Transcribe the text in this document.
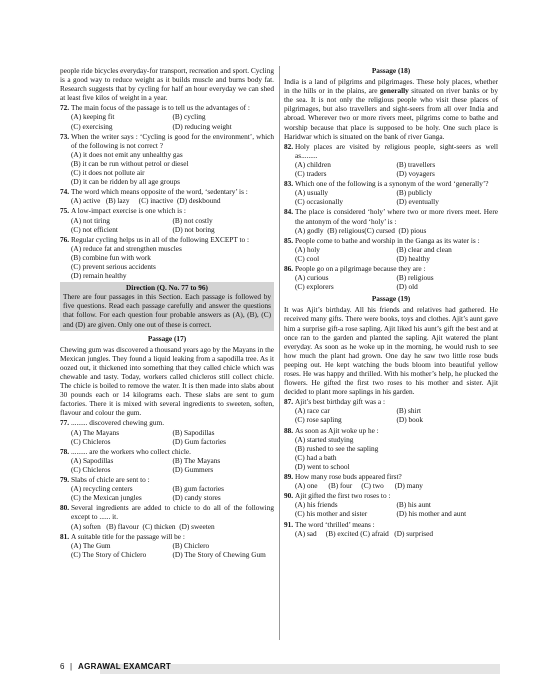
people ride bicycles everyday-for transport, recreation and sport. Cycling is a good way to reduce weight as it builds muscle and burns body fat. Research suggests that by cycling for half an hour everyday we can shed at least five kilos of weight in a year.

72. The main focus of the passage is to tell us the advantages of :
(A) keeping fit	(B) cycling
(C) exercising	(D) reducing weight
73. When the writer says : ‘Cycling is good for the environment’, which of the following is not correct ?
(A) it does not emit any unhealthy gas
(B) it can be run without petrol or diesel
(C) it does not pollute air
(D) it can be ridden by all age groups
74. The word which means opposite of the word, ‘sedentary’ is :
(A) active   (B) lazy     (C) inactive  (D) deskbound
75. A low-impact exercise is one which is :
(A) not tiring	(B) not costly
(C) not efficient	(D) not boring
76. Regular cycling helps us in all of the following EXCEPT to :
(A) reduce fat and strengthen muscles
(B) combine fun with work
(C) prevent serious accidents
(D) remain healthy
Direction (Q. No. 77 to 96)
There are four passages in this Section. Each passage is followed by five questions. Read each passage carefully and answer the questions that follow. For each question four probable answers as (A), (B), (C) and (D) are given. Only one out of these is correct.
Passage (17)

Chewing gum was discovered a thousand years ago by the Mayans in the Mexican jungles. They found a liquid leaking from a sapodilla tree. As it oozed out, it thickened into something that they called chicle which was chewable and tasty. Today, workers called chicleros still collect chicle. The chicle is boiled to remove the water. It is then made into slabs about 30 pounds each or 14 kilograms each. These slabs are sent to gum factories. There it is mixed with several ingredients to sweeten, soften, flavour and colour the gum.

77. ......... discovered chewing gum.
(A) The Mayans	(B) Sapodillas
(C) Chicleros	(D) Gum factories
78. ......... are the workers who collect chicle.
(A) Sapodillas	(B) The Mayans
(C) Chicleros	(D) Gummers
79. Slabs of chicle are sent to :
(A) recycling centers	(B) gum factories
(C) the Mexican jungles	(D) candy stores
80. Several ingredients are added to chicle to do all of the following except to ...... it.
(A) soften   (B) flavour  (C) thicken  (D) sweeten
81. A suitable title for the passage will be :
(A) The Gum	(B) Chiclero
(C) The Story of Chiclero	(D) The Story of Chewing Gum
Passage (18)

India is a land of pilgrims and pilgrimages. These holy places, whether in the hills or in the plains, are generally situated on river banks or by the sea. It is not only the religious people who visit these places of pilgrimages, but also travellers and sight-seers from all over India and abroad. Wherever two or more rivers meet, pilgrims come to bathe and worship because that place is supposed to be holy. One such place is Haridwar which is situated on the bank of river Ganga.

82. Holy places are visited by religious people, sight-seers as well as.........
(A) children	(B) travellers
(C) traders	(D) voyagers
83. Which one of the following is a synonym of the word ‘generally’?
(A) usually	(B) publicly
(C) occasionally	(D) eventually
84. The place is considered ‘holy’ where two or more rivers meet. Here the antonym of the word ‘holy’ is :
(A) godly  (B) religious(C) cursed  (D) pious
85. People come to bathe and worship in the Ganga as its water is :
(A) holy	(B) clear and clean
(C) cool	(D) healthy
86. People go on a pilgrimage because they are :
(A) curious	(B) religious
(C) explorers	(D) old
Passage (19)

It was Ajit’s birthday. All his friends and relatives had gathered. He received many gifts. There were books, toys and clothes. Ajit’s aunt gave him a surprise gift-a rose sapling. Ajit liked his aunt’s gift the best and at once ran to the garden and planted the sapling. Ajit watered the plant everyday. As soon as he woke up in the morning, he would rush to see how much the plant had grown. One day he saw two little rose buds peeping out. He kept watching the buds bloom into beautiful yellow roses. He was happy and thrilled. With his mother’s help, he plucked the flowers. He gifted the first two roses to his mother and sister. Ajit decided to plant more saplings in his garden.

87. Ajit’s best birthday gift was a :
(A) race car	(B) shirt
(C) rose sapling	(D) book
88. As soon as Ajit woke up he :
(A) started studying
(B) rushed to see the sapling
(C) had a bath
(D) went to school
89. How many rose buds appeared first?
(A) one      (B) four     (C) two      (D) many
90. Ajit gifted the first two roses to :
(A) his friends	(B) his aunt
(C) his mother and sister	(D) his mother and aunt
91. The word ‘thrilled’ means :
(A) sad     (B) excited (C) afraid   (D) surprised
6 | AGRAWAL EXAMCART
